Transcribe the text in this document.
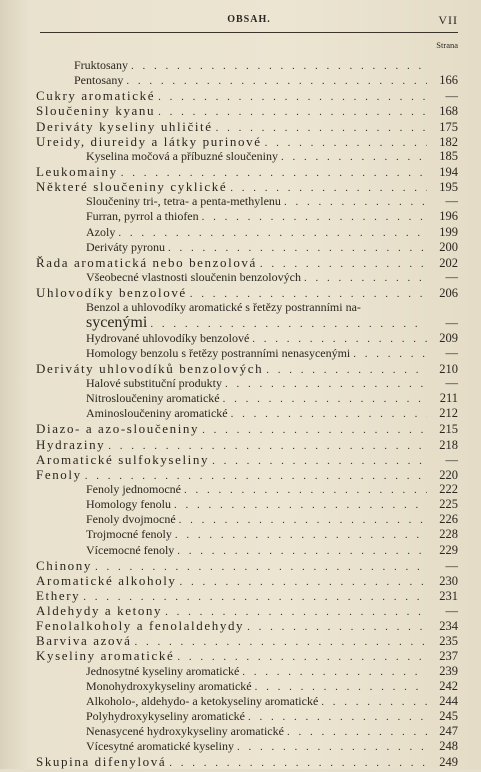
OBSAH.	VII
Strana
Fruktosany
. . .
Pentosany . . .	166
Cukry aromatické . . .	—
Sloučeniny kyanu . . .	168
Deriváty kyseliny uhličité . . .	175
Ureidy, diureidy a látky purinové . . .	182
Kyselina močová a příbuzné sloučeniny . . .	185
Leukomainy . . .	194
Některé sloučeniny cyklické . . .	195
Sloučeniny tri-, tetra- a penta-methylenu . . .	—
Furran, pyrrol a thiofen . . .	196
Azoly . . .	199
Deriváty pyronu . . .	200
Řada aromatická nebo benzolová . . .	202
Všeobecné vlastnosti sloučenin benzolových . . .	—
Uhlovodíky benzolové . . .	206
Benzol a uhlovodíky aromatické s řetězy postranními na-
sycenými . . .	—
Hydrované uhlovodíky benzolové . . .	209
Homology benzolu s řetězy postranními nenasycenými . . .	—
Deriváty uhlovodíků benzolových . . .	210
Halové substituční produkty . . .	—
Nitrosloučeniny aromatické . . .	211
Aminosloučeniny aromatické . . .	212
Diazo- a azo-sloučeniny . . .	215
Hydraziny . . .	218
Aromatické sulfokyseliny . . .	—
Fenoly . . .	220
Fenoly jednomocné . . .	222
Homology fenolu . . .	225
Fenoly dvojmocné . . .	226
Trojmocné fenoly . . .	228
Vícemocné fenoly . . .	229
Chinony . . .	—
Aromatické alkoholy . . .	230
Ethery . . .	231
Aldehydy a ketony . . .	—
Fenolalkoholy a fenolaldehydy . . .	234
Barviva azová . . .	235
Kyseliny aromatické . . .	237
Jednosytné kyseliny aromatické . . .	239
Monohydroxykyseliny aromatické . . .	242
Alkoholo-, aldehydo- a ketokyseliny aromatické . . .	244
Polyhydroxykyseliny aromatické . . .	245
Nenasycené hydroxykyseliny aromatické . . .	247
Vícesytné aromatické kyseliny . . .	248
Skupina difenylová . . .	249
